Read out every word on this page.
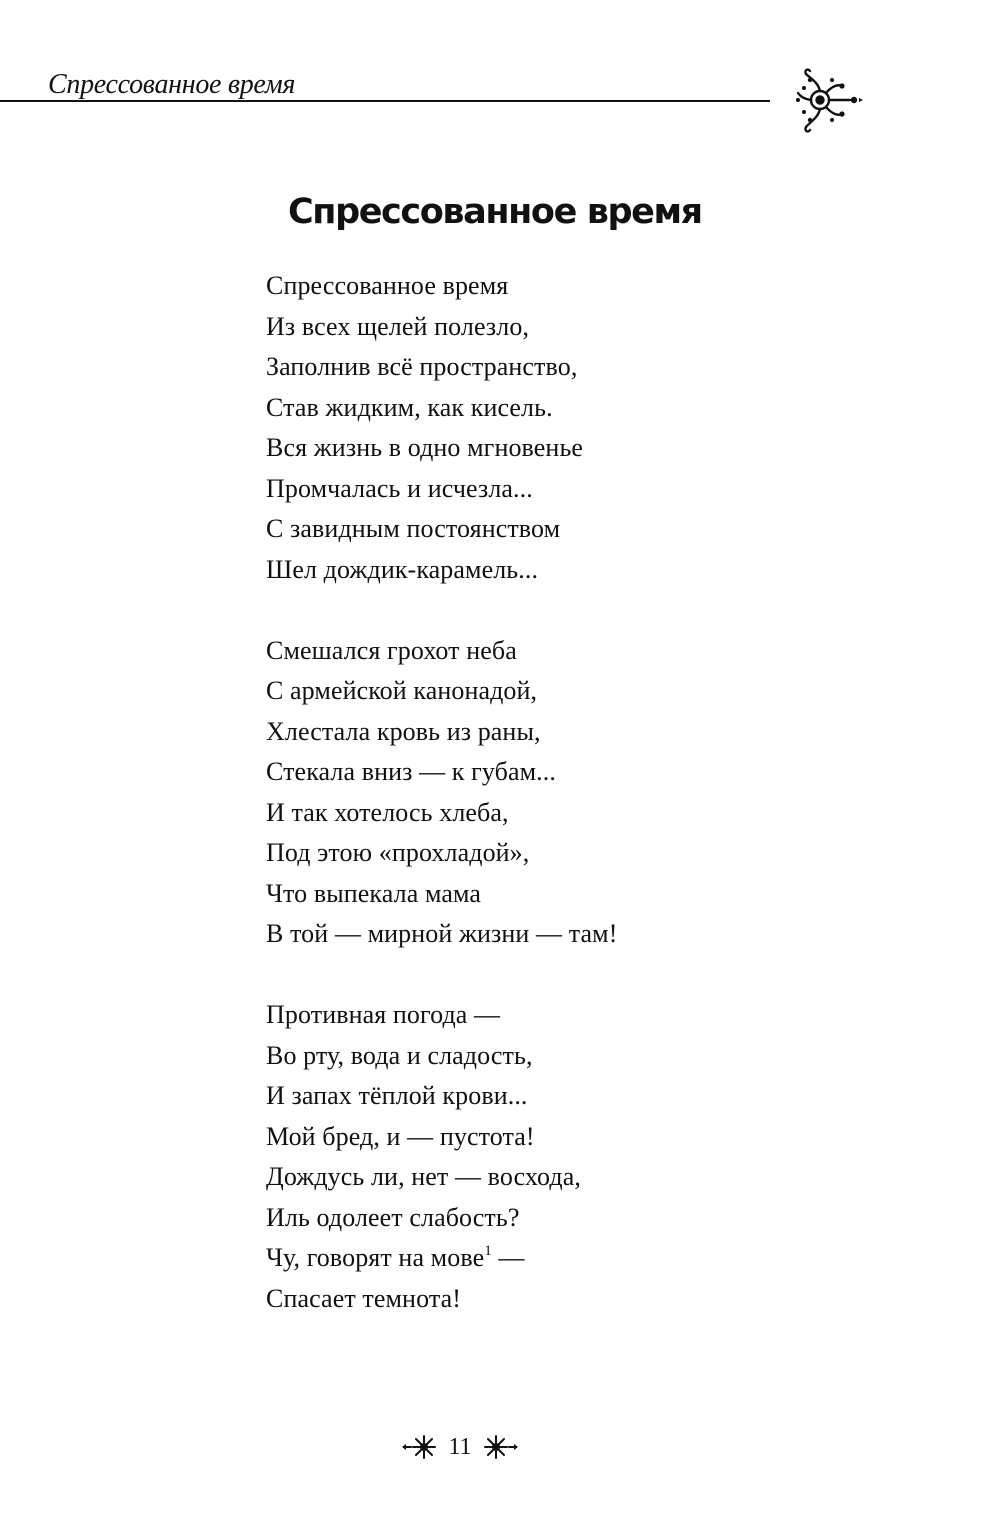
Спрессованное время
Спрессованное время
Спрессованное время
Из всех щелей полезло,
Заполнив всё пространство,
Став жидким, как кисель.
Вся жизнь в одно мгновенье
Промчалась и исчезла...
С завидным постоянством
Шел дождик-карамель...
Смешался грохот неба
С армейской канонадой,
Хлестала кровь из раны,
Стекала вниз — к губам...
И так хотелось хлеба,
Под этою «прохладой»,
Что выпекала мама
В той — мирной жизни — там!
Противная погода —
Во рту, вода и сладость,
И запах тёплой крови...
Мой бред, и — пустота!
Дождусь ли, нет — восхода,
Иль одолеет слабость?
Чу, говорят на мове$^1$ —
Спасает темнота!
11
